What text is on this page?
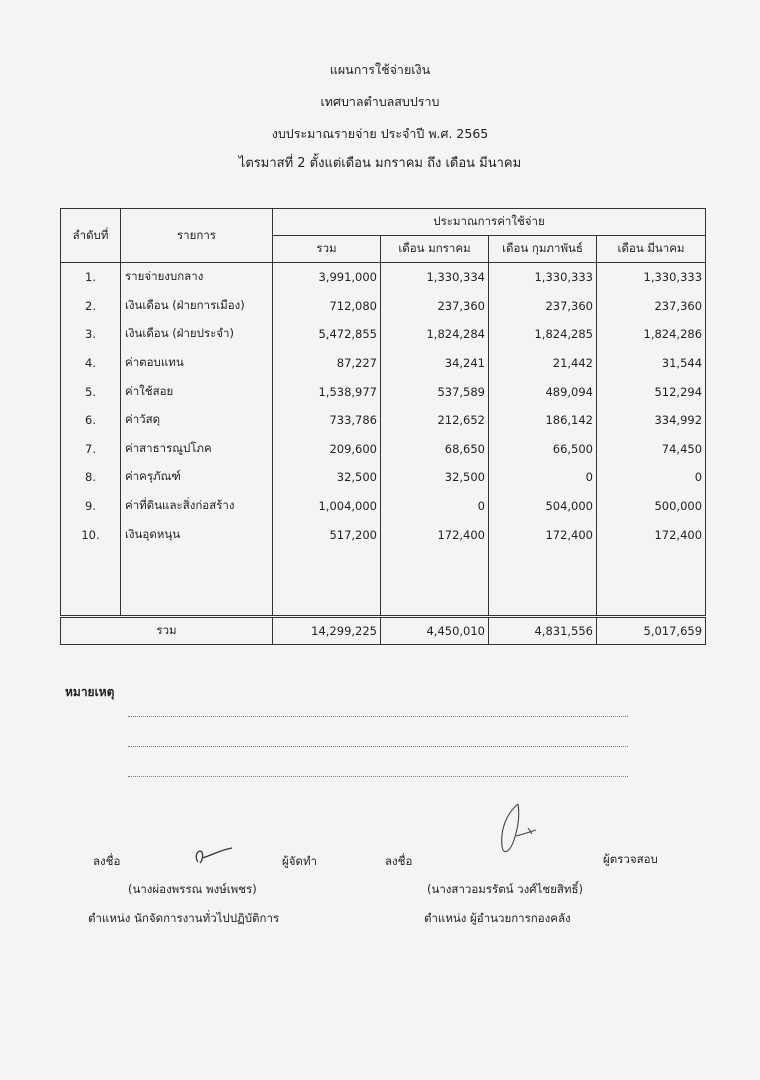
แผนการใช้จ่ายเงิน
เทศบาลตำบลสบปราบ
งบประมาณรายจ่าย ประจำปี พ.ศ. 2565
ไตรมาสที่ 2 ตั้งแต่เดือน มกราคม ถึง เดือน มีนาคม
ลำดับที่	รายการ	ประมาณการค่าใช้จ่าย			
		รวม	เดือน มกราคม	เดือน กุมภาพันธ์	เดือน มีนาคม
1.	รายจ่ายงบกลาง	3,991,000	1,330,334	1,330,333	1,330,333
2.	เงินเดือน (ฝ่ายการเมือง)	712,080	237,360	237,360	237,360
3.	เงินเดือน (ฝ่ายประจำ)	5,472,855	1,824,284	1,824,285	1,824,286
4.	ค่าตอบแทน	87,227	34,241	21,442	31,544
5.	ค่าใช้สอย	1,538,977	537,589	489,094	512,294
6.	ค่าวัสดุ	733,786	212,652	186,142	334,992
7.	ค่าสาธารณูปโภค	209,600	68,650	66,500	74,450
8.	ค่าครุภัณฑ์	32,500	32,500	0	0
9.	ค่าที่ดินและสิ่งก่อสร้าง	1,004,000	0	504,000	500,000
10.	เงินอุดหนุน	517,200	172,400	172,400	172,400

รวม		14,299,225	4,450,010	4,831,556	5,017,659
หมายเหตุ
ลงชื่อ	ผู้จัดทำ
(นางผ่องพรรณ พงษ์เพชร)
ตำแหน่ง นักจัดการงานทั่วไปปฏิบัติการ
ลงชื่อ	ผู้ตรวจสอบ
(นางสาวอมรรัตน์ วงศ์ไชยสิทธิ์)
ตำแหน่ง ผู้อำนวยการกองคลัง
